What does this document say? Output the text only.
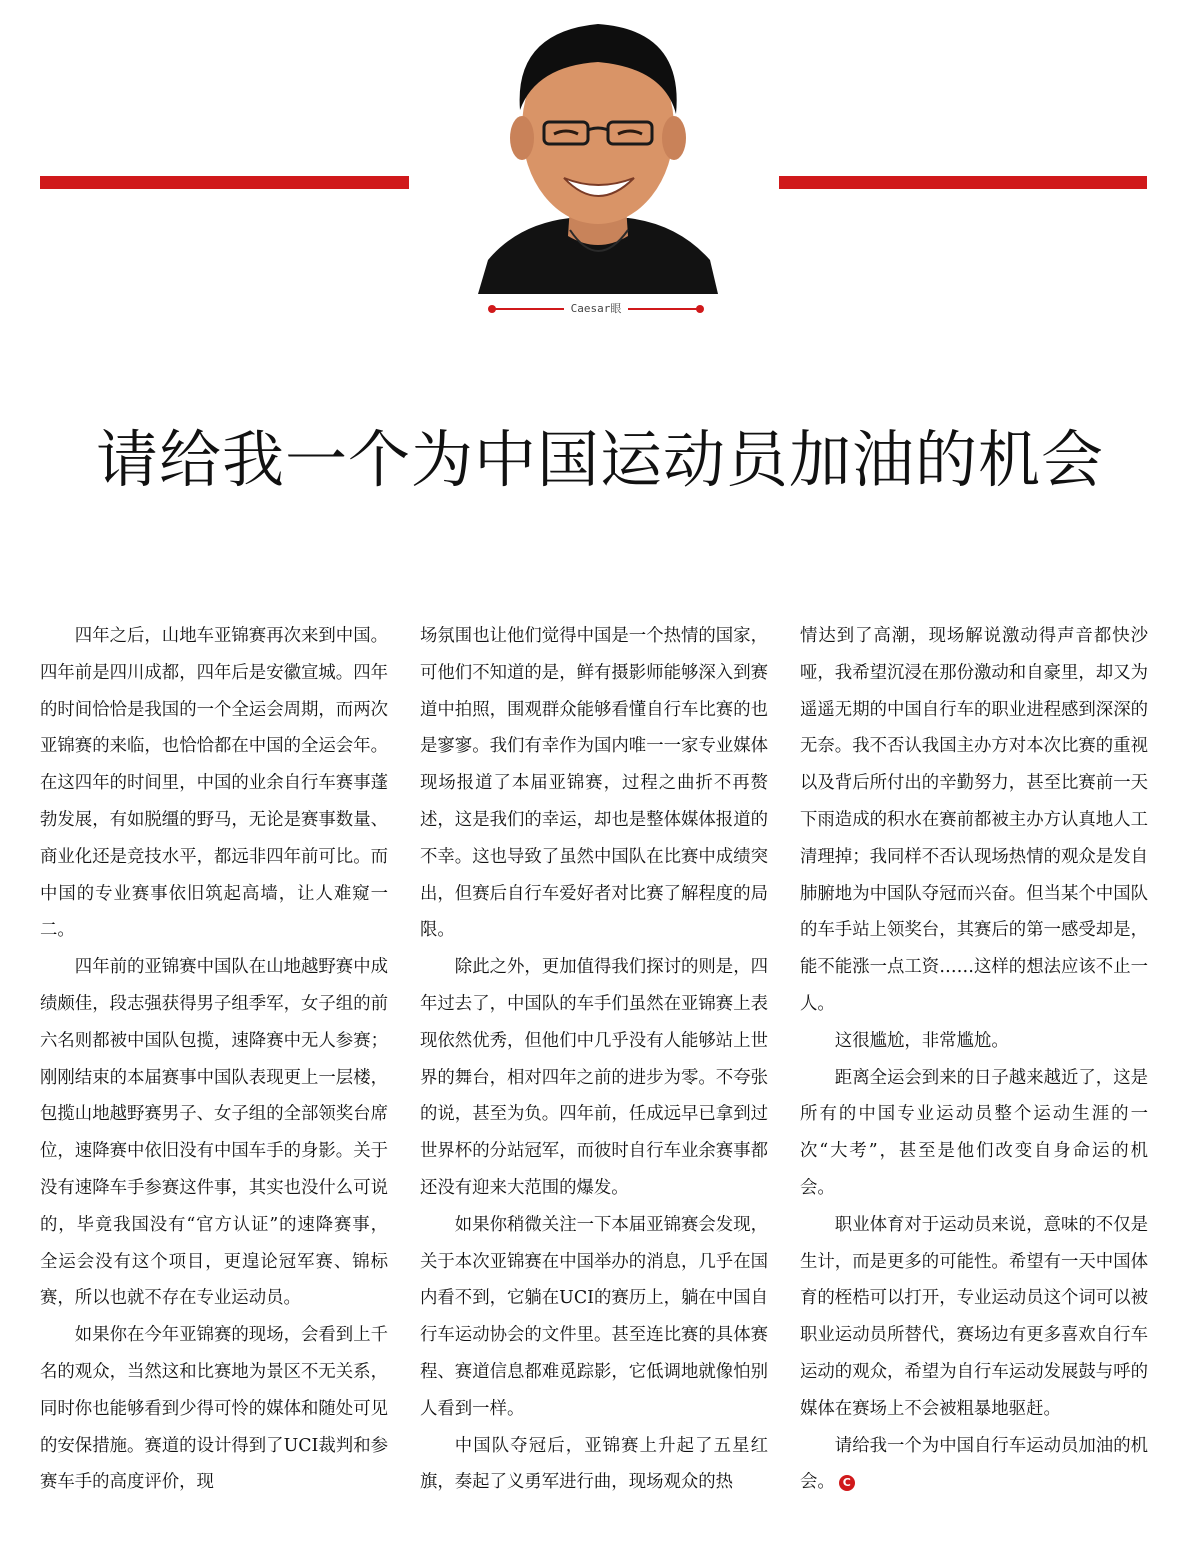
Caesar眼
请给我一个为中国运动员加油的机会

四年之后，山地车亚锦赛再次来到中国。四年前是四川成都，四年后是安徽宣城。四年的时间恰恰是我国的一个全运会周期，而两次亚锦赛的来临，也恰恰都在中国的全运会年。在这四年的时间里，中国的业余自行车赛事蓬勃发展，有如脱缰的野马，无论是赛事数量、商业化还是竞技水平，都远非四年前可比。而中国的专业赛事依旧筑起高墙，让人难窥一二。

四年前的亚锦赛中国队在山地越野赛中成绩颇佳，段志强获得男子组季军，女子组的前六名则都被中国队包揽，速降赛中无人参赛；刚刚结束的本届赛事中国队表现更上一层楼，包揽山地越野赛男子、女子组的全部领奖台席位，速降赛中依旧没有中国车手的身影。关于没有速降车手参赛这件事，其实也没什么可说的，毕竟我国没有“官方认证”的速降赛事，全运会没有这个项目，更遑论冠军赛、锦标赛，所以也就不存在专业运动员。

如果你在今年亚锦赛的现场，会看到上千名的观众，当然这和比赛地为景区不无关系，同时你也能够看到少得可怜的媒体和随处可见的安保措施。赛道的设计得到了UCI裁判和参赛车手的高度评价，现

场氛围也让他们觉得中国是一个热情的国家，可他们不知道的是，鲜有摄影师能够深入到赛道中拍照，围观群众能够看懂自行车比赛的也是寥寥。我们有幸作为国内唯一一家专业媒体现场报道了本届亚锦赛，过程之曲折不再赘述，这是我们的幸运，却也是整体媒体报道的不幸。这也导致了虽然中国队在比赛中成绩突出，但赛后自行车爱好者对比赛了解程度的局限。

除此之外，更加值得我们探讨的则是，四年过去了，中国队的车手们虽然在亚锦赛上表现依然优秀，但他们中几乎没有人能够站上世界的舞台，相对四年之前的进步为零。不夸张的说，甚至为负。四年前，任成远早已拿到过世界杯的分站冠军，而彼时自行车业余赛事都还没有迎来大范围的爆发。

如果你稍微关注一下本届亚锦赛会发现，关于本次亚锦赛在中国举办的消息，几乎在国内看不到，它躺在UCI的赛历上，躺在中国自行车运动协会的文件里。甚至连比赛的具体赛程、赛道信息都难觅踪影，它低调地就像怕别人看到一样。

中国队夺冠后，亚锦赛上升起了五星红旗，奏起了义勇军进行曲，现场观众的热

情达到了高潮，现场解说激动得声音都快沙哑，我希望沉浸在那份激动和自豪里，却又为遥遥无期的中国自行车的职业进程感到深深的无奈。我不否认我国主办方对本次比赛的重视以及背后所付出的辛勤努力，甚至比赛前一天下雨造成的积水在赛前都被主办方认真地人工清理掉；我同样不否认现场热情的观众是发自肺腑地为中国队夺冠而兴奋。但当某个中国队的车手站上领奖台，其赛后的第一感受却是，能不能涨一点工资……这样的想法应该不止一人。

这很尴尬，非常尴尬。

距离全运会到来的日子越来越近了，这是所有的中国专业运动员整个运动生涯的一次“大考”，甚至是他们改变自身命运的机会。

职业体育对于运动员来说，意味的不仅是生计，而是更多的可能性。希望有一天中国体育的桎梏可以打开，专业运动员这个词可以被职业运动员所替代，赛场边有更多喜欢自行车运动的观众，希望为自行车运动发展鼓与呼的媒体在赛场上不会被粗暴地驱赶。

请给我一个为中国自行车运动员加油的机会。 C
